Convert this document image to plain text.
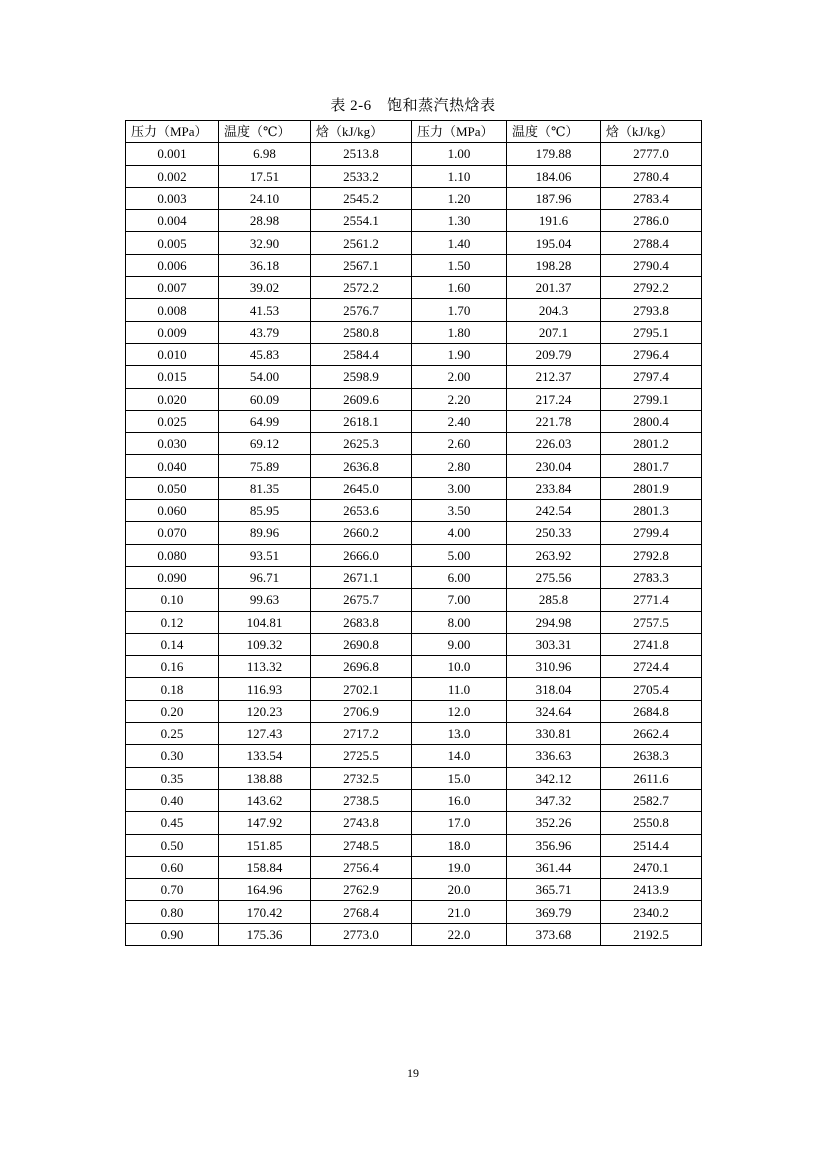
表 2-6　饱和蒸汽热焓表
压力（MPa）	温度（℃）	焓（kJ/kg）	压力（MPa）	温度（℃）	焓（kJ/kg）
0.001	6.98	2513.8	1.00	179.88	2777.0
0.002	17.51	2533.2	1.10	184.06	2780.4
0.003	24.10	2545.2	1.20	187.96	2783.4
0.004	28.98	2554.1	1.30	191.6	2786.0
0.005	32.90	2561.2	1.40	195.04	2788.4
0.006	36.18	2567.1	1.50	198.28	2790.4
0.007	39.02	2572.2	1.60	201.37	2792.2
0.008	41.53	2576.7	1.70	204.3	2793.8
0.009	43.79	2580.8	1.80	207.1	2795.1
0.010	45.83	2584.4	1.90	209.79	2796.4
0.015	54.00	2598.9	2.00	212.37	2797.4
0.020	60.09	2609.6	2.20	217.24	2799.1
0.025	64.99	2618.1	2.40	221.78	2800.4
0.030	69.12	2625.3	2.60	226.03	2801.2
0.040	75.89	2636.8	2.80	230.04	2801.7
0.050	81.35	2645.0	3.00	233.84	2801.9
0.060	85.95	2653.6	3.50	242.54	2801.3
0.070	89.96	2660.2	4.00	250.33	2799.4
0.080	93.51	2666.0	5.00	263.92	2792.8
0.090	96.71	2671.1	6.00	275.56	2783.3
0.10	99.63	2675.7	7.00	285.8	2771.4
0.12	104.81	2683.8	8.00	294.98	2757.5
0.14	109.32	2690.8	9.00	303.31	2741.8
0.16	113.32	2696.8	10.0	310.96	2724.4
0.18	116.93	2702.1	11.0	318.04	2705.4
0.20	120.23	2706.9	12.0	324.64	2684.8
0.25	127.43	2717.2	13.0	330.81	2662.4
0.30	133.54	2725.5	14.0	336.63	2638.3
0.35	138.88	2732.5	15.0	342.12	2611.6
0.40	143.62	2738.5	16.0	347.32	2582.7
0.45	147.92	2743.8	17.0	352.26	2550.8
0.50	151.85	2748.5	18.0	356.96	2514.4
0.60	158.84	2756.4	19.0	361.44	2470.1
0.70	164.96	2762.9	20.0	365.71	2413.9
0.80	170.42	2768.4	21.0	369.79	2340.2
0.90	175.36	2773.0	22.0	373.68	2192.5
19
